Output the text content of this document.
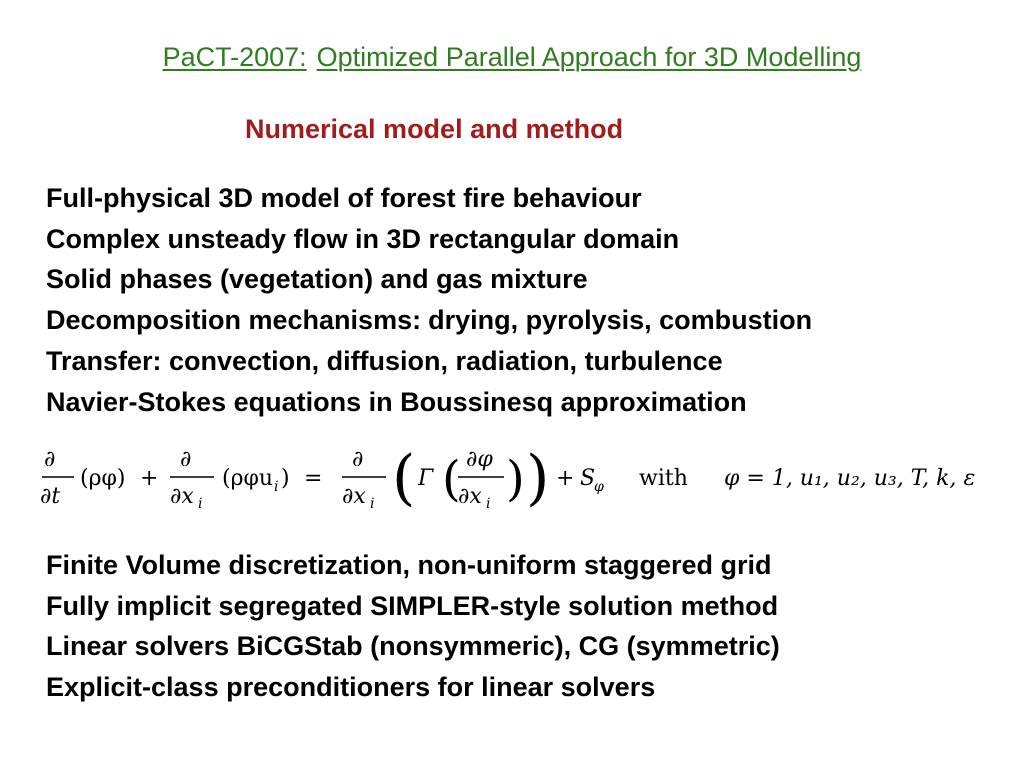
PaCT-2007: Optimized Parallel Approach for 3D Modelling
Numerical model and method
Full-physical 3D model of forest fire behaviour
Complex unsteady flow in 3D rectangular domain
Solid phases (vegetation) and gas mixture
Decomposition mechanisms: drying, pyrolysis, combustion
Transfer: convection, diffusion, radiation, turbulence
Navier-Stokes equations in Boussinesq approximation
∂
∂t
(ρφ) +
∂
∂x i
(ρφu i ) =
∂
∂x i ( Γ ( ∂φ
∂x i ) ) + S
φ with φ = 1, u₁, u₂, u₃, T, k, ε
Finite Volume discretization, non-uniform staggered grid
Fully implicit segregated SIMPLER-style solution method
Linear solvers BiCGStab (nonsymmeric), CG (symmetric)
Explicit-class preconditioners for linear solvers
